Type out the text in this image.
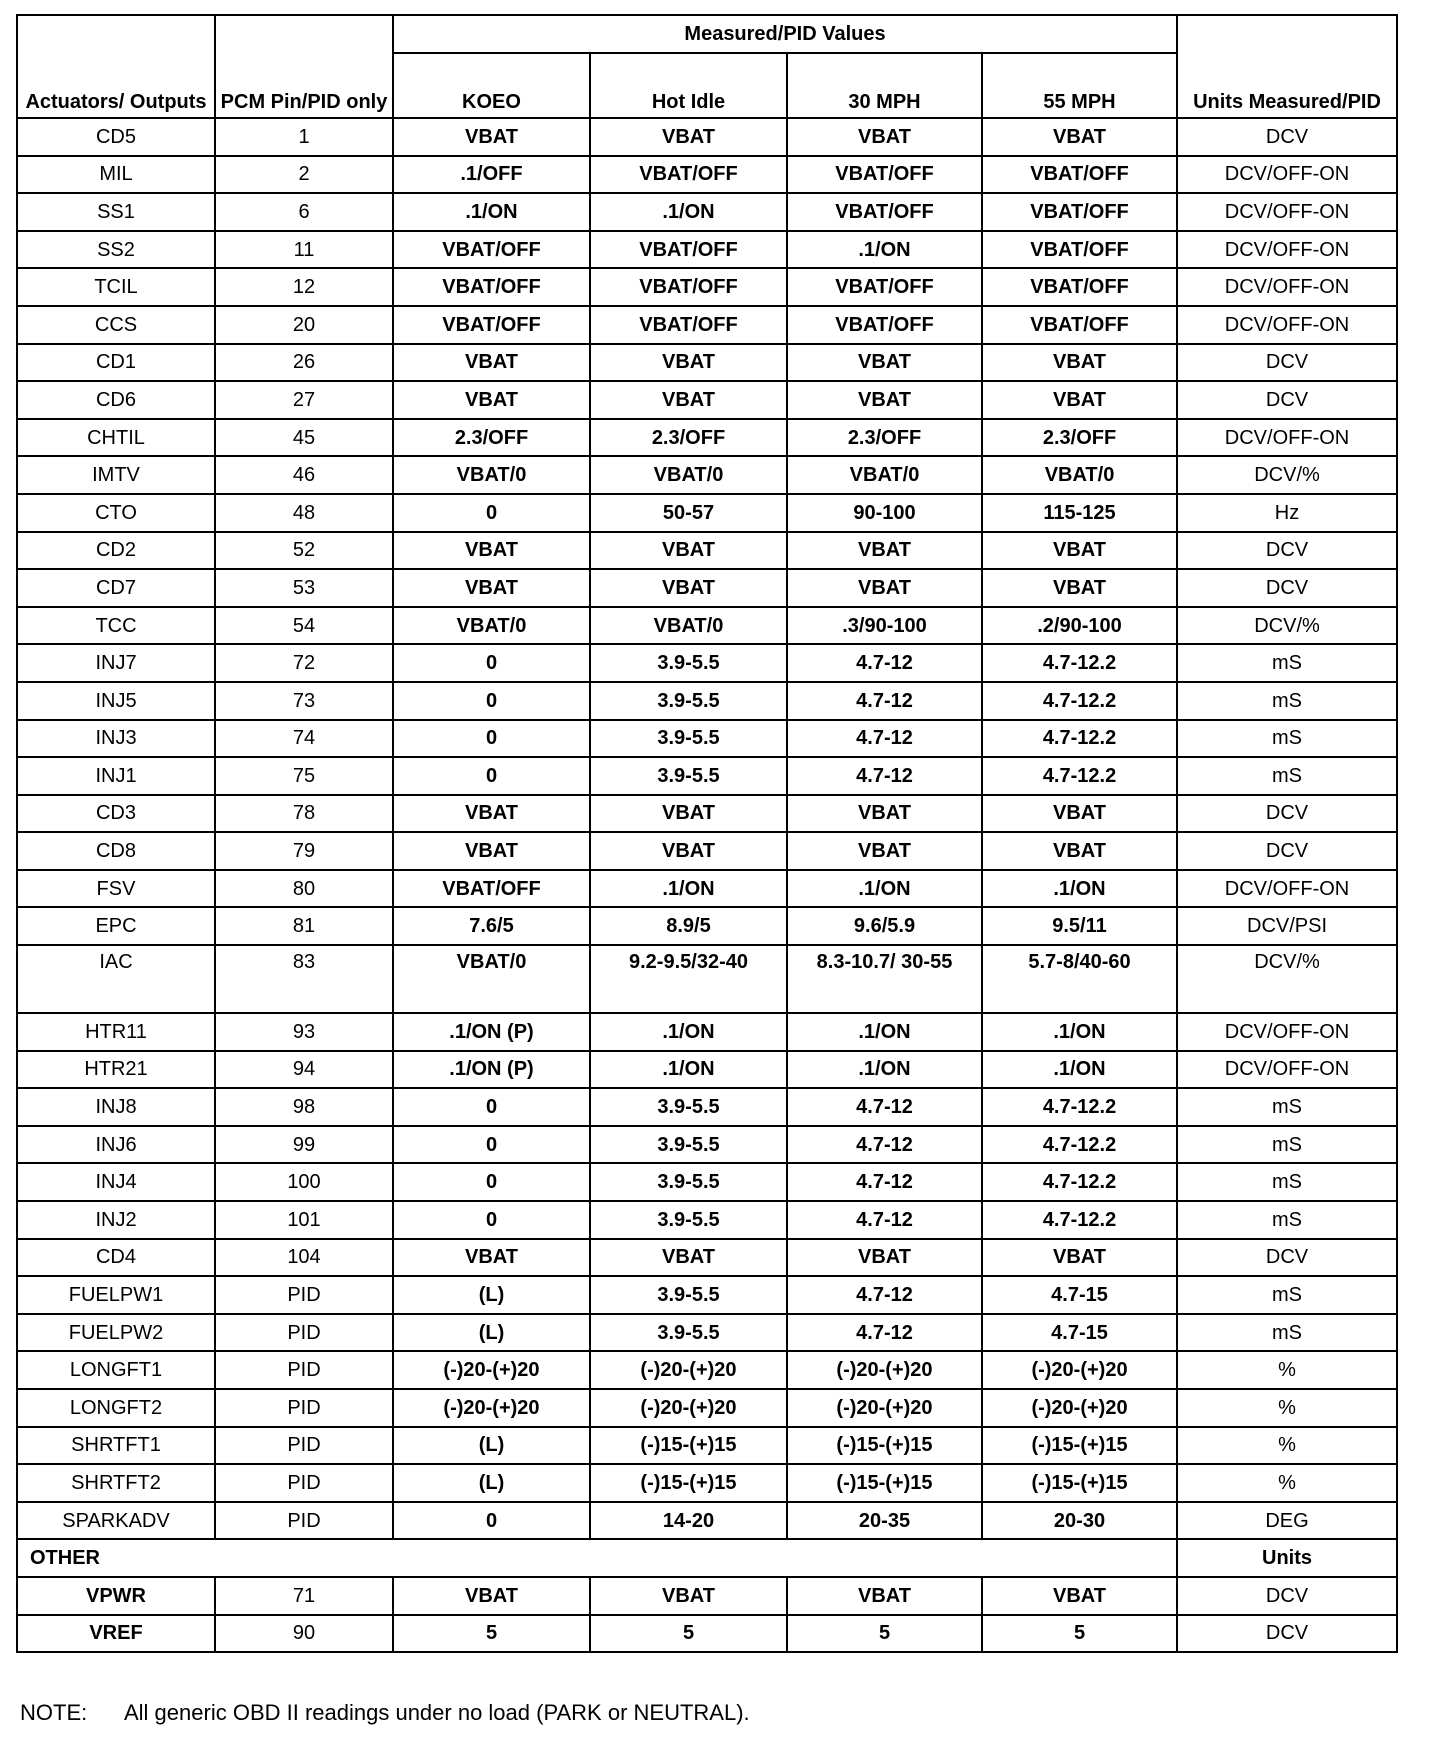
Actuators/ Outputs	PCM Pin/PID only	Measured/PID Values				Units Measured/PID
		KOEO	Hot Idle	30 MPH	55 MPH	
CD5	1	VBAT	VBAT	VBAT	VBAT	DCV
MIL	2	.1/OFF	VBAT/OFF	VBAT/OFF	VBAT/OFF	DCV/OFF-ON
SS1	6	.1/ON	.1/ON	VBAT/OFF	VBAT/OFF	DCV/OFF-ON
SS2	11	VBAT/OFF	VBAT/OFF	.1/ON	VBAT/OFF	DCV/OFF-ON
TCIL	12	VBAT/OFF	VBAT/OFF	VBAT/OFF	VBAT/OFF	DCV/OFF-ON
CCS	20	VBAT/OFF	VBAT/OFF	VBAT/OFF	VBAT/OFF	DCV/OFF-ON
CD1	26	VBAT	VBAT	VBAT	VBAT	DCV
CD6	27	VBAT	VBAT	VBAT	VBAT	DCV
CHTIL	45	2.3/OFF	2.3/OFF	2.3/OFF	2.3/OFF	DCV/OFF-ON
IMTV	46	VBAT/0	VBAT/0	VBAT/0	VBAT/0	DCV/%
CTO	48	0	50-57	90-100	115-125	Hz
CD2	52	VBAT	VBAT	VBAT	VBAT	DCV
CD7	53	VBAT	VBAT	VBAT	VBAT	DCV
TCC	54	VBAT/0	VBAT/0	.3/90-100	.2/90-100	DCV/%
INJ7	72	0	3.9-5.5	4.7-12	4.7-12.2	mS
INJ5	73	0	3.9-5.5	4.7-12	4.7-12.2	mS
INJ3	74	0	3.9-5.5	4.7-12	4.7-12.2	mS
INJ1	75	0	3.9-5.5	4.7-12	4.7-12.2	mS
CD3	78	VBAT	VBAT	VBAT	VBAT	DCV
CD8	79	VBAT	VBAT	VBAT	VBAT	DCV
FSV	80	VBAT/OFF	.1/ON	.1/ON	.1/ON	DCV/OFF-ON
EPC	81	7.6/5	8.9/5	9.6/5.9	9.5/11	DCV/PSI
IAC	83	VBAT/0	9.2-9.5/32-40	8.3-10.7/ 30-55	5.7-8/40-60	DCV/%
HTR11	93	.1/ON (P)	.1/ON	.1/ON	.1/ON	DCV/OFF-ON
HTR21	94	.1/ON (P)	.1/ON	.1/ON	.1/ON	DCV/OFF-ON
INJ8	98	0	3.9-5.5	4.7-12	4.7-12.2	mS
INJ6	99	0	3.9-5.5	4.7-12	4.7-12.2	mS
INJ4	100	0	3.9-5.5	4.7-12	4.7-12.2	mS
INJ2	101	0	3.9-5.5	4.7-12	4.7-12.2	mS
CD4	104	VBAT	VBAT	VBAT	VBAT	DCV
FUELPW1	PID	(L)	3.9-5.5	4.7-12	4.7-15	mS
FUELPW2	PID	(L)	3.9-5.5	4.7-12	4.7-15	mS
LONGFT1	PID	(-)20-(+)20	(-)20-(+)20	(-)20-(+)20	(-)20-(+)20	%
LONGFT2	PID	(-)20-(+)20	(-)20-(+)20	(-)20-(+)20	(-)20-(+)20	%
SHRTFT1	PID	(L)	(-)15-(+)15	(-)15-(+)15	(-)15-(+)15	%
SHRTFT2	PID	(L)	(-)15-(+)15	(-)15-(+)15	(-)15-(+)15	%
SPARKADV	PID	0	14-20	20-35	20-30	DEG
OTHER						Units
VPWR	71	VBAT	VBAT	VBAT	VBAT	DCV
VREF	90	5	5	5	5	DCV
NOTE: All generic OBD II readings under no load (PARK or NEUTRAL).
